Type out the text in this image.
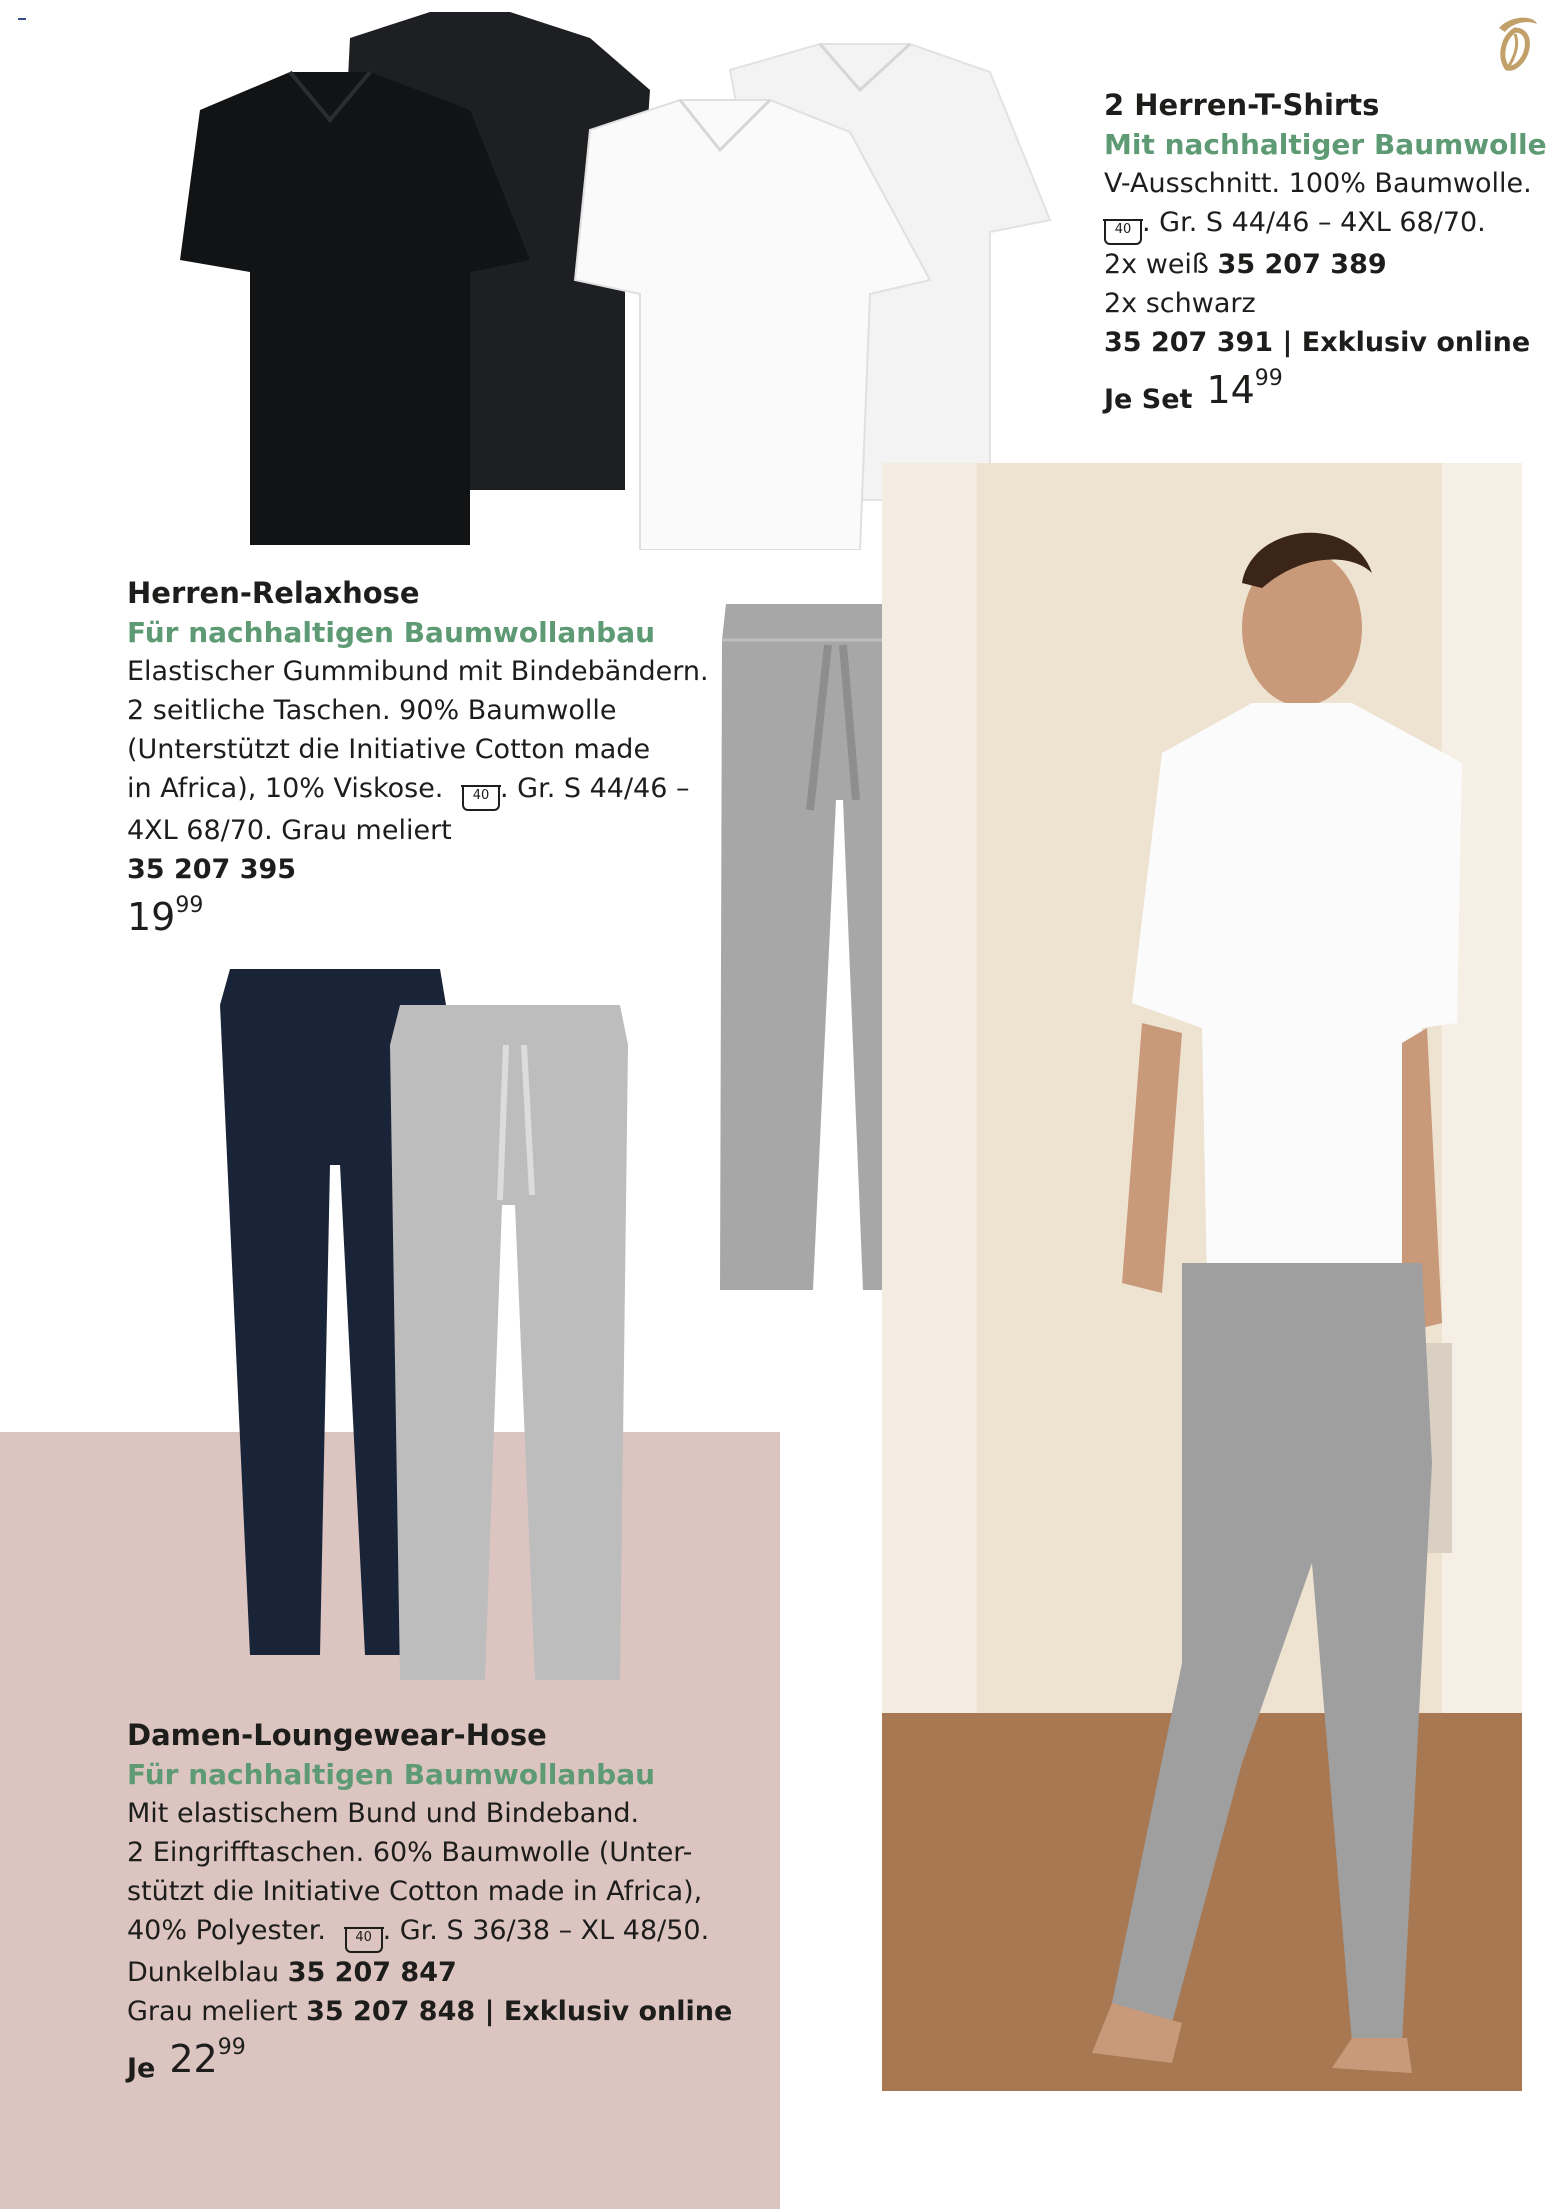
2 Herren-T-Shirts
Mit nachhaltiger Baumwolle
V-Ausschnitt. 100% Baumwolle.
40 . Gr. S 44/46 – 4XL 68/70.
2x weiß 35 207 389
2x schwarz
35 207 391 | Exklusiv online
Je Set 14 99
Herren-Relaxhose
Für nachhaltigen Baumwollanbau
Elastischer Gummibund mit Bindebändern.
2 seitliche Taschen. 90% Baumwolle
(Unterstützt die Initiative Cotton made
in Africa), 10% Viskose. 40 . Gr. S 44/46 –
4XL 68/70. Grau meliert
35 207 395
19 99
Damen-Loungewear-Hose
Für nachhaltigen Baumwollanbau
Mit elastischem Bund und Bindeband.
2 Eingrifftaschen. 60% Baumwolle (Unter-
stützt die Initiative Cotton made in Africa),
40% Polyester. 40 . Gr. S 36/38 – XL 48/50.
Dunkelblau 35 207 847
Grau meliert 35 207 848 | Exklusiv online
Je 22 99
